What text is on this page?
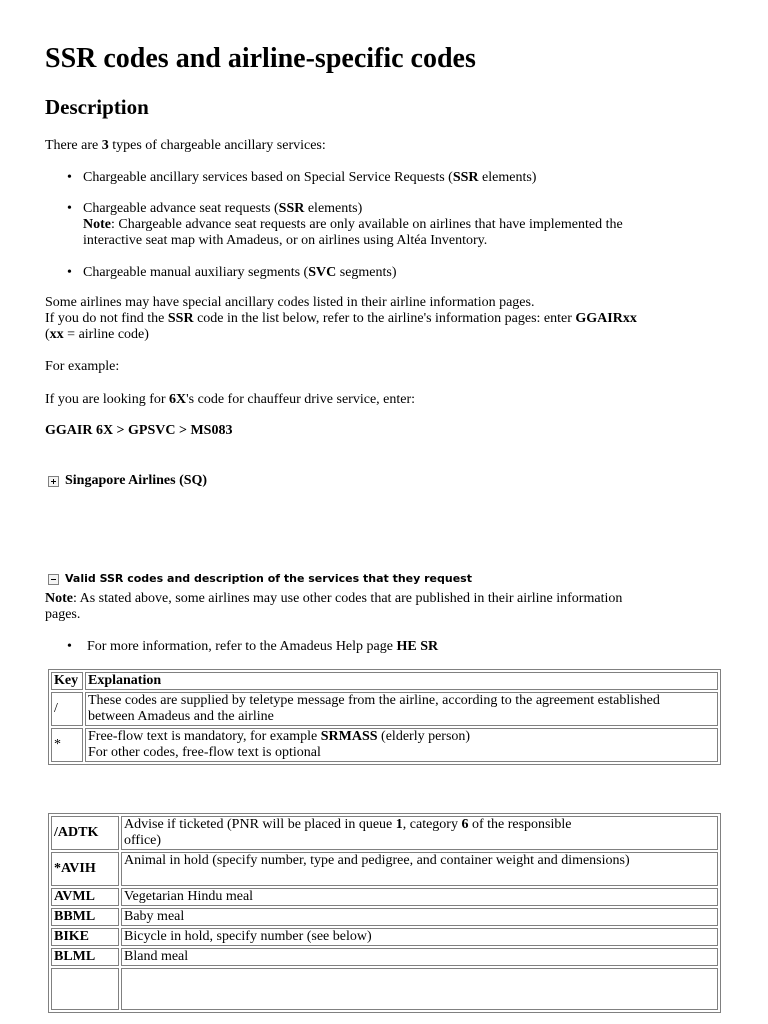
SSR codes and airline-specific codes
Description

There are 3 types of chargeable ancillary services:

• Chargeable ancillary services based on Special Service Requests (SSR elements)
• Chargeable advance seat requests (SSR elements)
Note: Chargeable advance seat requests are only available on airlines that have implemented the
interactive seat map with Amadeus, or on airlines using Altéa Inventory.
• Chargeable manual auxiliary segments (SVC segments)

Some airlines may have special ancillary codes listed in their airline information pages.
If you do not find the SSR code in the list below, refer to the airline's information pages: enter GGAIRxx
(xx = airline code)

For example:

If you are looking for 6X's code for chauffeur drive service, enter:

GGAIR 6X > GPSVC > MS083
Singapore Airlines (SQ)
Valid SSR codes and description of the services that they request

Note: As stated above, some airlines may use other codes that are published in their airline information
pages.

• For more information, refer to the Amadeus Help page HE SR
Key	Explanation
/	These codes are supplied by teletype message from the airline, according to the agreement established
between Amadeus and the airline
*	Free-flow text is mandatory, for example SRMASS (elderly person)
For other codes, free-flow text is optional
/ADTK	Advise if ticketed (PNR will be placed in queue 1, category 6 of the responsible
office)
*AVIH	Animal in hold (specify number, type and pedigree, and container weight and dimensions)
AVML	Vegetarian Hindu meal
BBML	Baby meal
BIKE	Bicycle in hold, specify number (see below)
BLML	Bland meal
